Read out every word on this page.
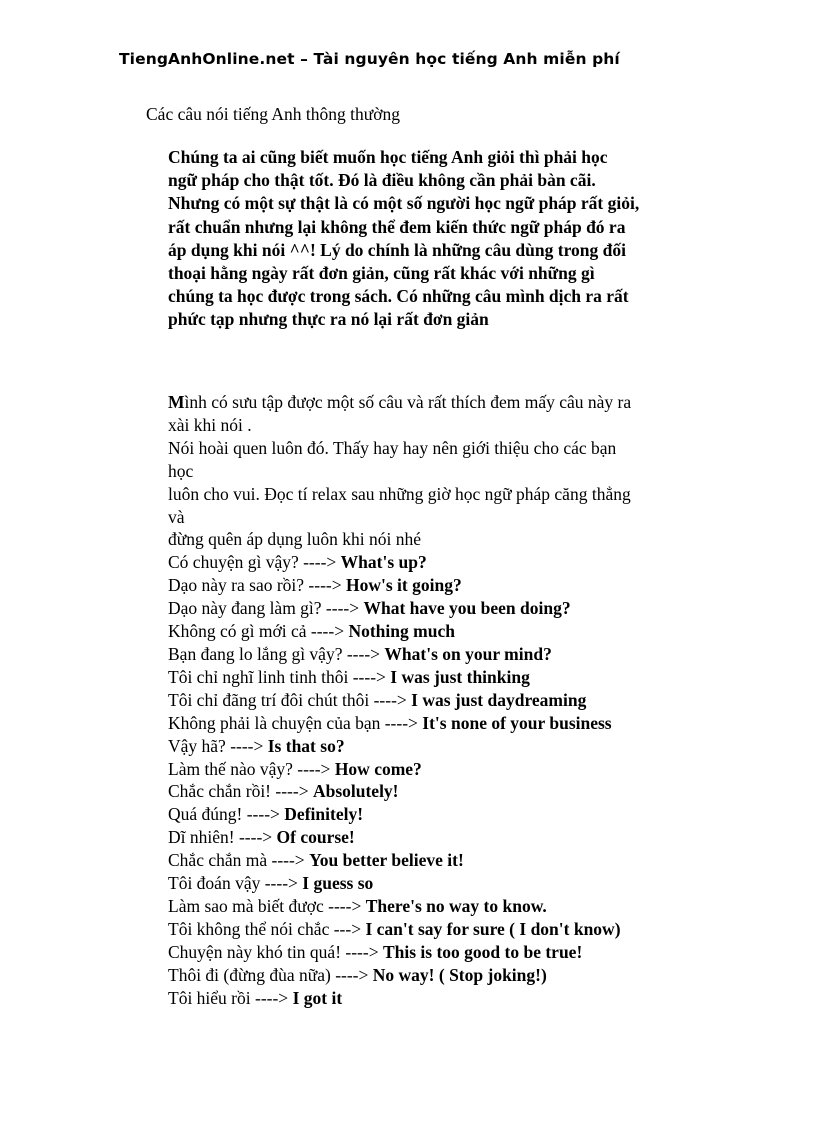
TiengAnhOnline.net – Tài nguyên học tiếng Anh miễn phí
Các câu nói tiếng Anh thông thường
Chúng ta ai cũng biết muốn học tiếng Anh giỏi thì phải học
ngữ pháp cho thật tốt. Đó là điều không cần phải bàn cãi.
Nhưng có một sự thật là có một số người học ngữ pháp rất giỏi,
rất chuẩn nhưng lại không thể đem kiến thức ngữ pháp đó ra
áp dụng khi nói ^^! Lý do chính là những câu dùng trong đối
thoại hằng ngày rất đơn giản, cũng rất khác với những gì
chúng ta học được trong sách. Có những câu mình dịch ra rất
phức tạp nhưng thực ra nó lại rất đơn giản
Mình có sưu tập được một số câu và rất thích đem mấy câu này ra
xài khi nói .
Nói hoài quen luôn đó. Thấy hay hay nên giới thiệu cho các bạn
học
luôn cho vui. Đọc tí relax sau những giờ học ngữ pháp căng thẳng
và
đừng quên áp dụng luôn khi nói nhé
Có chuyện gì vậy? ----> What's up?
Dạo này ra sao rồi? ----> How's it going?
Dạo này đang làm gì? ----> What have you been doing?
Không có gì mới cả ----> Nothing much
Bạn đang lo lắng gì vậy? ----> What's on your mind?
Tôi chỉ nghĩ linh tinh thôi ----> I was just thinking
Tôi chỉ đãng trí đôi chút thôi ----> I was just daydreaming
Không phải là chuyện của bạn ----> It's none of your business
Vậy hã? ----> Is that so?
Làm thế nào vậy? ----> How come?
Chắc chắn rồi! ----> Absolutely!
Quá đúng! ----> Definitely!
Dĩ nhiên! ----> Of course!
Chắc chắn mà ----> You better believe it!
Tôi đoán vậy ----> I guess so
Làm sao mà biết được ----> There's no way to know.
Tôi không thể nói chắc ---> I can't say for sure ( I don't know)
Chuyện này khó tin quá! ----> This is too good to be true!
Thôi đi (đừng đùa nữa) ----> No way! ( Stop joking!)
Tôi hiểu rồi ----> I got it
